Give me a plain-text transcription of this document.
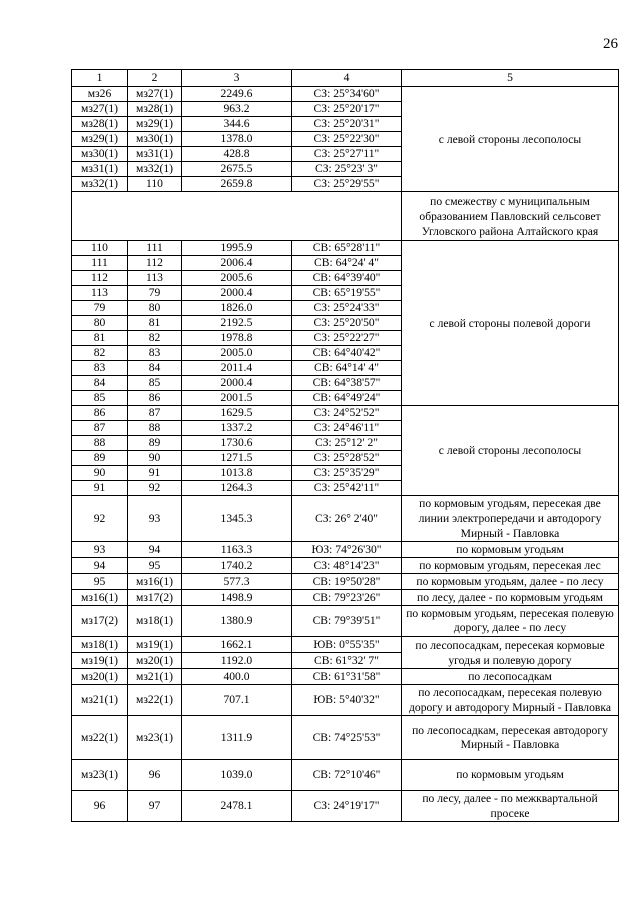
26
1	2	3	4	5
мз26	мз27(1)	2249.6	СЗ: 25°34'60"	с левой стороны лесополосы
мз27(1)	мз28(1)	963.2	СЗ: 25°20'17"	
мз28(1)	мз29(1)	344.6	СЗ: 25°20'31"	
мз29(1)	мз30(1)	1378.0	СЗ: 25°22'30"	
мз30(1)	мз31(1)	428.8	СЗ: 25°27'11"	
мз31(1)	мз32(1)	2675.5	СЗ: 25°23' 3"	
мз32(1)	110	2659.8	СЗ: 25°29'55"	
				по смежеству с муниципальным образованием Павловский сельсовет Угловского района Алтайского края
110	111	1995.9	СВ: 65°28'11"	с левой стороны полевой дороги
111	112	2006.4	СВ: 64°24' 4"	
112	113	2005.6	СВ: 64°39'40"	
113	79	2000.4	СВ: 65°19'55"	
79	80	1826.0	СЗ: 25°24'33"	
80	81	2192.5	СЗ: 25°20'50"	
81	82	1978.8	СЗ: 25°22'27"	
82	83	2005.0	СВ: 64°40'42"	
83	84	2011.4	СВ: 64°14' 4"	
84	85	2000.4	СВ: 64°38'57"	
85	86	2001.5	СВ: 64°49'24"	
86	87	1629.5	СЗ: 24°52'52"	с левой стороны лесополосы
87	88	1337.2	СЗ: 24°46'11"	
88	89	1730.6	СЗ: 25°12' 2"	
89	90	1271.5	СЗ: 25°28'52"	
90	91	1013.8	СЗ: 25°35'29"	
91	92	1264.3	СЗ: 25°42'11"	
92	93	1345.3	СЗ: 26° 2'40"	по кормовым угодьям, пересекая две линии электропередачи и автодорогу Мирный - Павловка
93	94	1163.3	ЮЗ: 74°26'30"	по кормовым угодьям
94	95	1740.2	СЗ: 48°14'23"	по кормовым угодьям, пересекая лес
95	мз16(1)	577.3	СВ: 19°50'28"	по кормовым угодьям, далее - по лесу
мз16(1)	мз17(2)	1498.9	СВ: 79°23'26"	по лесу, далее - по кормовым угодьям
мз17(2)	мз18(1)	1380.9	СВ: 79°39'51"	по кормовым угодьям, пересекая полевую дорогу, далее - по лесу
мз18(1)	мз19(1)	1662.1	ЮВ: 0°55'35"	по лесопосадкам, пересекая кормовые угодья и полевую дорогу
мз19(1)	мз20(1)	1192.0	СВ: 61°32' 7"	
мз20(1)	мз21(1)	400.0	СВ: 61°31'58"	по лесопосадкам
мз21(1)	мз22(1)	707.1	ЮВ: 5°40'32"	по лесопосадкам, пересекая полевую дорогу и автодорогу Мирный - Павловка
мз22(1)	мз23(1)	1311.9	СВ: 74°25'53"	по лесопосадкам, пересекая автодорогу Мирный - Павловка
мз23(1)	96	1039.0	СВ: 72°10'46"	по кормовым угодьям
96	97	2478.1	СЗ: 24°19'17"	по лесу, далее - по межквартальной просеке
